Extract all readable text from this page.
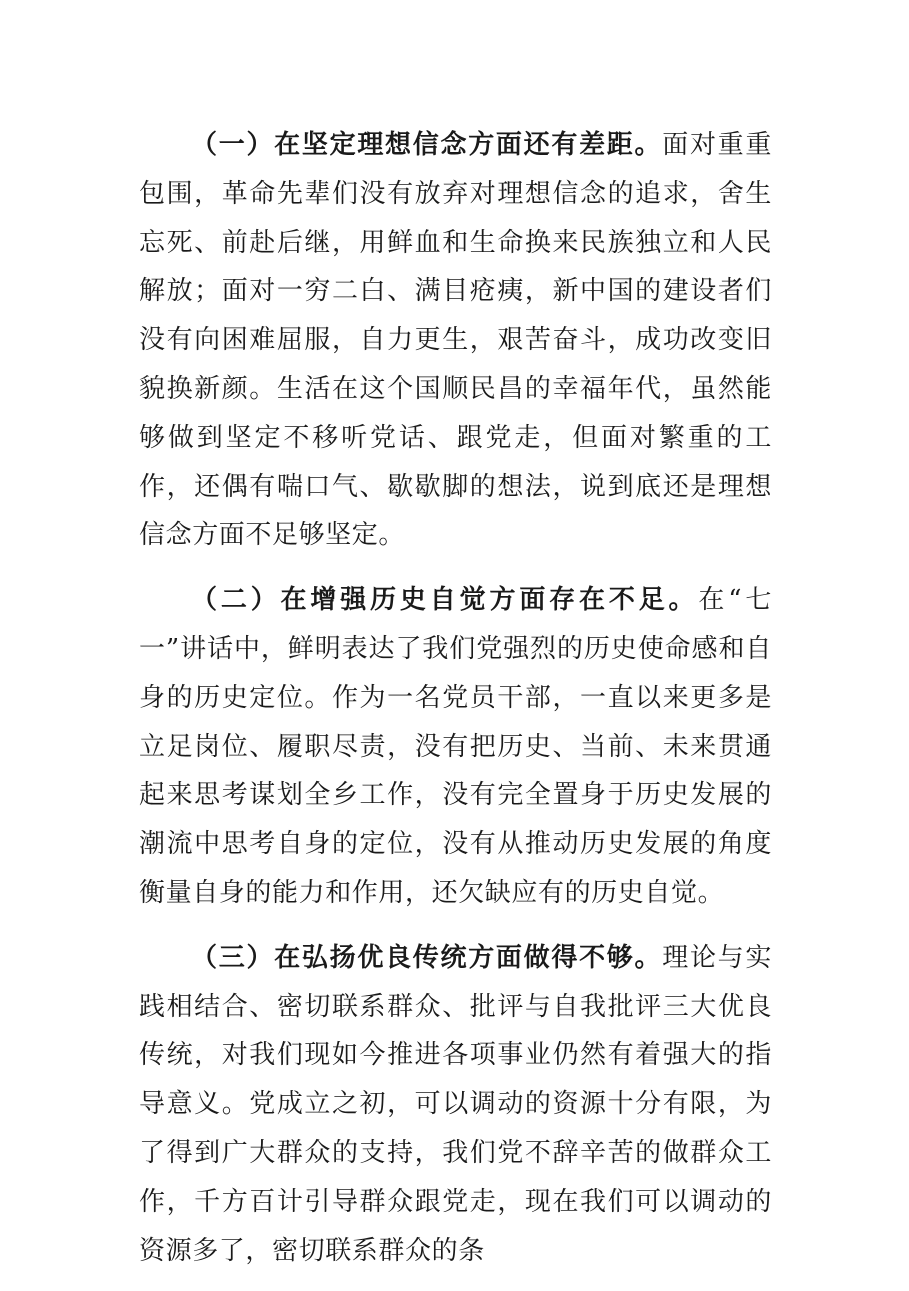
（一）在坚定理想信念方面还有差距。面对重重包围，革命先辈们没有放弃对理想信念的追求，舍生忘死、前赴后继，用鲜血和生命换来民族独立和人民解放；面对一穷二白、满目疮痍，新中国的建设者们没有向困难屈服，自力更生，艰苦奋斗，成功改变旧貌换新颜。生活在这个国顺民昌的幸福年代，虽然能够做到坚定不移听党话、跟党走，但面对繁重的工作，还偶有喘口气、歇歇脚的想法，说到底还是理想信念方面不足够坚定。

（二）在增强历史自觉方面存在不足。在“七一”讲话中，鲜明表达了我们党强烈的历史使命感和自身的历史定位。作为一名党员干部，一直以来更多是立足岗位、履职尽责，没有把历史、当前、未来贯通起来思考谋划全乡工作，没有完全置身于历史发展的潮流中思考自身的定位，没有从推动历史发展的角度衡量自身的能力和作用，还欠缺应有的历史自觉。

（三）在弘扬优良传统方面做得不够。理论与实践相结合、密切联系群众、批评与自我批评三大优良传统，对我们现如今推进各项事业仍然有着强大的指导意义。党成立之初，可以调动的资源十分有限，为了得到广大群众的支持，我们党不辞辛苦的做群众工作，千方百计引导群众跟党走，现在我们可以调动的资源多了，密切联系群众的条
